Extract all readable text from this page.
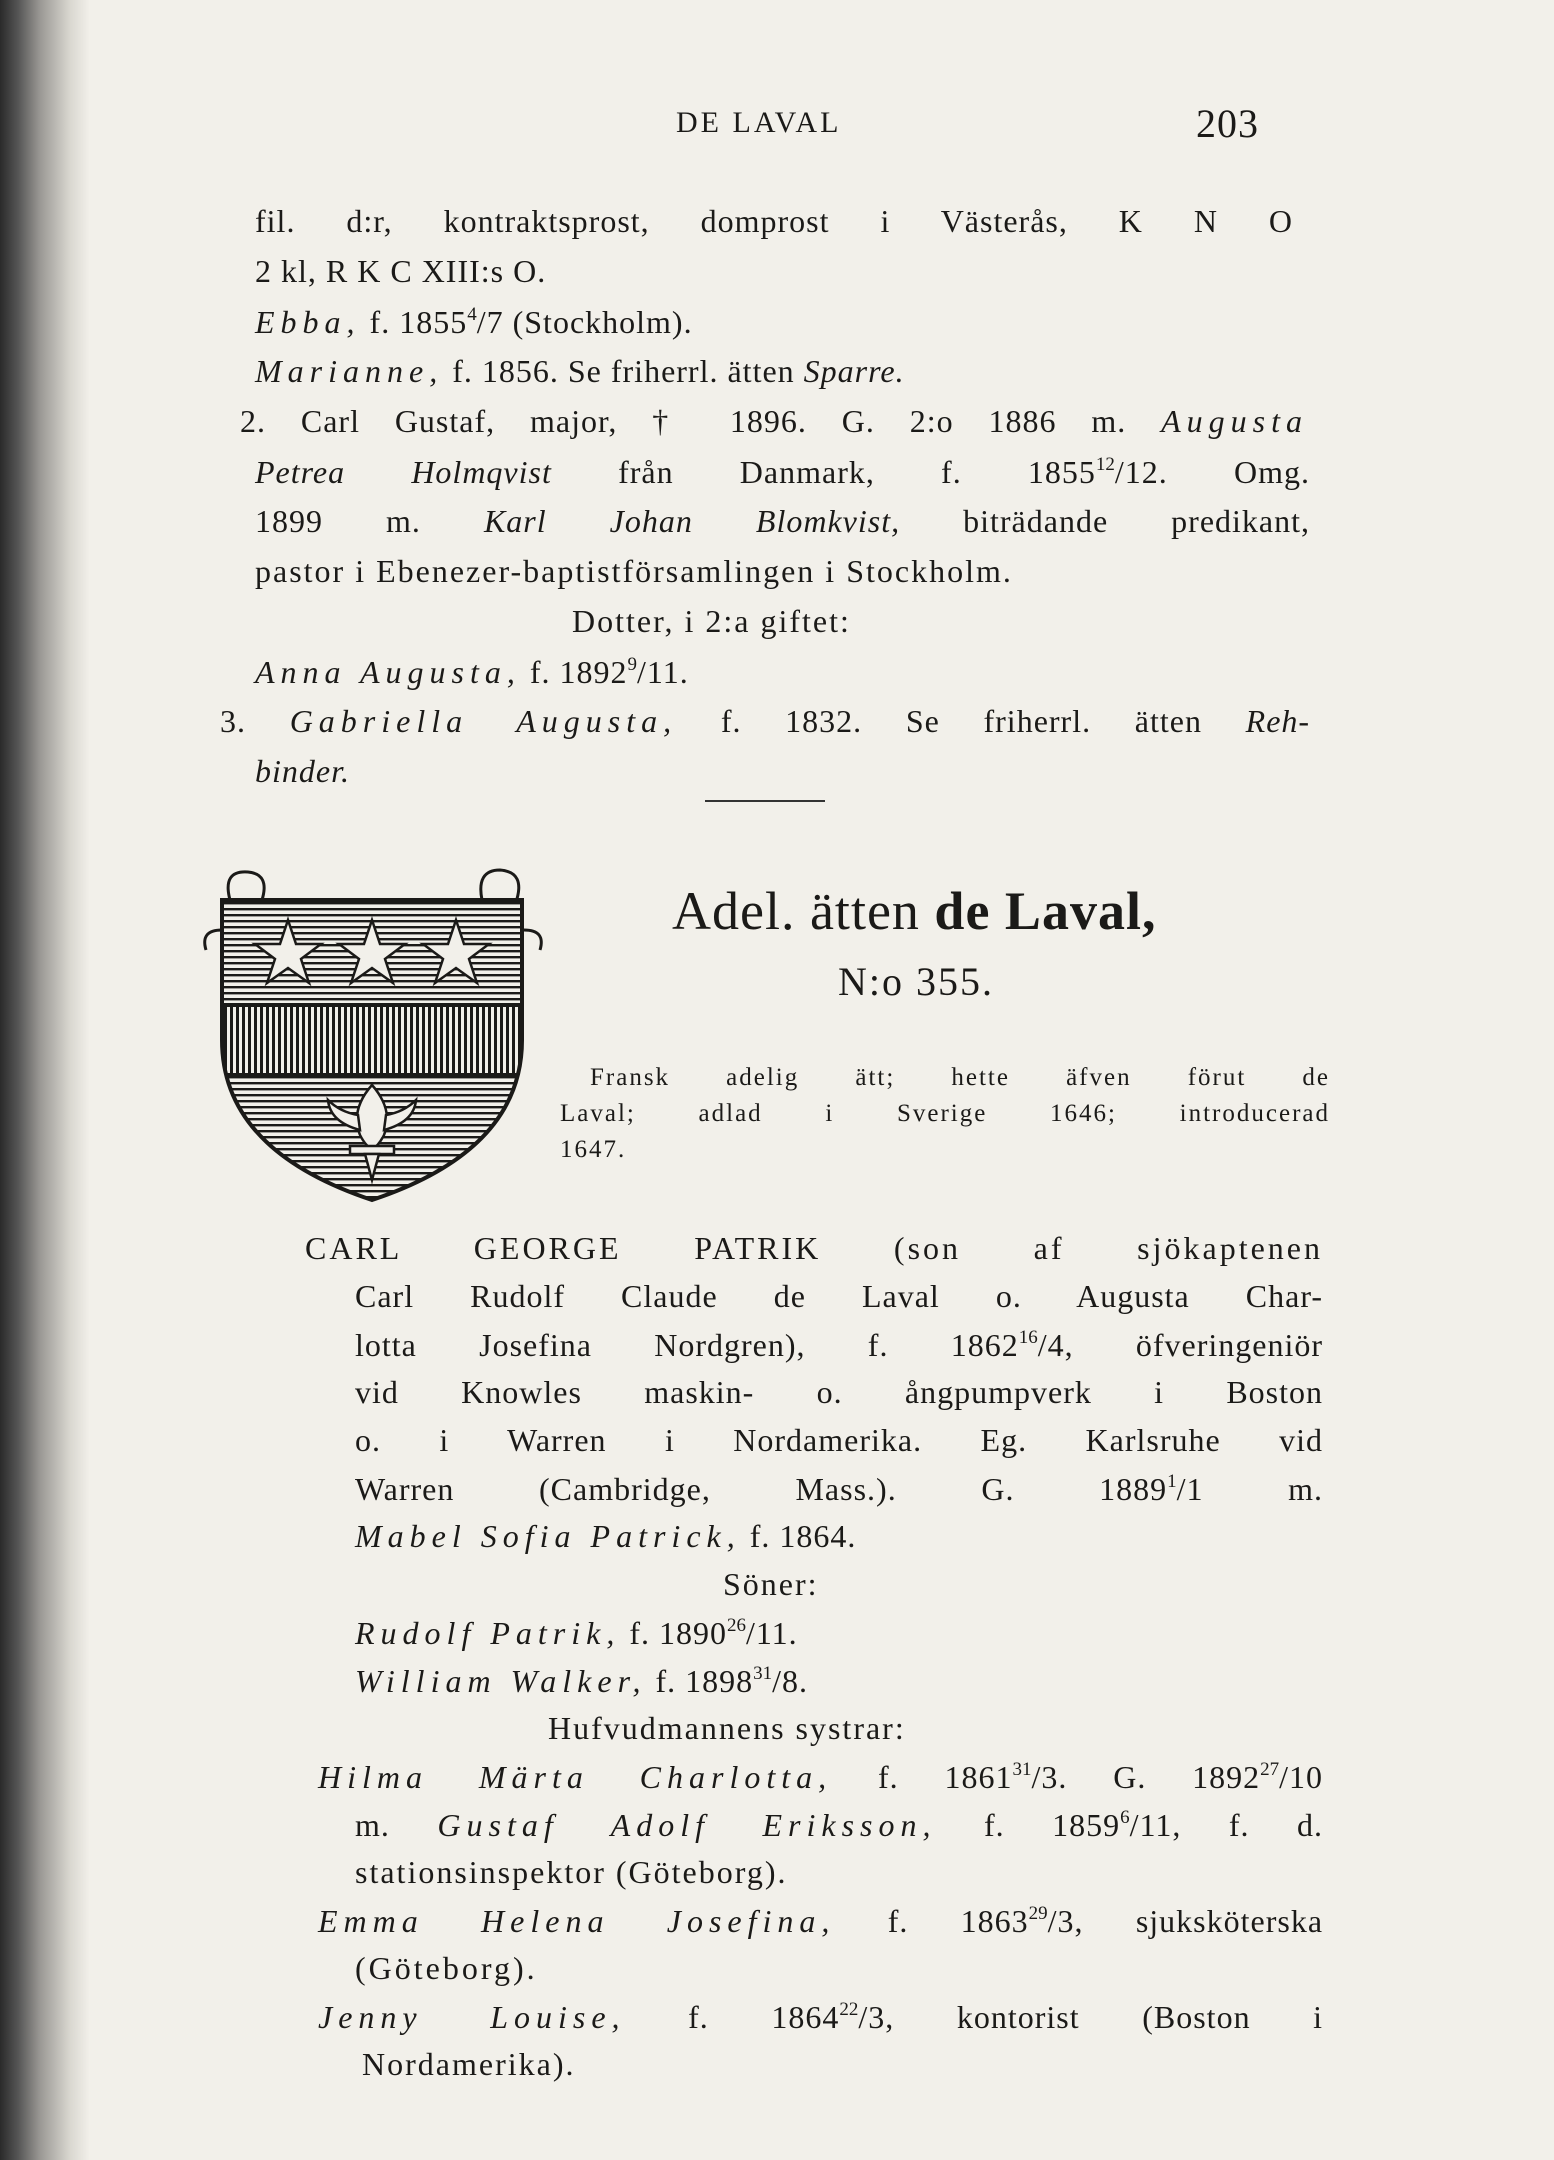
DE LAVAL	203
fil. d:r, kontraktsprost, domprost i Västerås, K N O
2 kl, R K C XIII:s O.
Ebba, f. 1855$^4$/7 (Stockholm).
Marianne, f. 1856. Se friherrl. ätten Sparre.
2. Carl Gustaf, major, † 1896. G. 2:o 1886 m. Augusta
Petrea Holmqvist från Danmark, f. 1855$^{12}$/12. Omg.
1899 m. Karl Johan Blomkvist, biträdande predikant,
pastor i Ebenezer-baptistförsamlingen i Stockholm.
Dotter, i 2:a giftet:
Anna Augusta, f. 1892$^9$/11.
3. Gabriella Augusta, f. 1832. Se friherrl. ätten Reh-
binder.
Adel. ätten de Laval,
N:o 355.

Fransk adelig ätt; hette äfven förut de

Laval; adlad i Sverige 1646; introducerad

1647.

CARL GEORGE PATRIK (son af sjökaptenen
Carl Rudolf Claude de Laval o. Augusta Char-
lotta Josefina Nordgren), f. 1862$^{16}$/4, öfveringeniör
vid Knowles maskin- o. ångpumpverk i Boston
o. i Warren i Nordamerika. Eg. Karlsruhe vid
Warren (Cambridge, Mass.). G. 1889$^1$/1 m.
Mabel Sofia Patrick, f. 1864.
Söner:
Rudolf Patrik, f. 1890$^{26}$/11.
William Walker, f. 1898$^{31}$/8.
Hufvudmannens systrar:
Hilma Märta Charlotta, f. 1861$^{31}$/3. G. 1892$^{27}$/10
m. Gustaf Adolf Eriksson, f. 1859$^6$/11, f. d.
stationsinspektor (Göteborg).
Emma Helena Josefina, f. 1863$^{29}$/3, sjuksköterska
(Göteborg).
Jenny Louise, f. 1864$^{22}$/3, kontorist (Boston i
Nordamerika).
